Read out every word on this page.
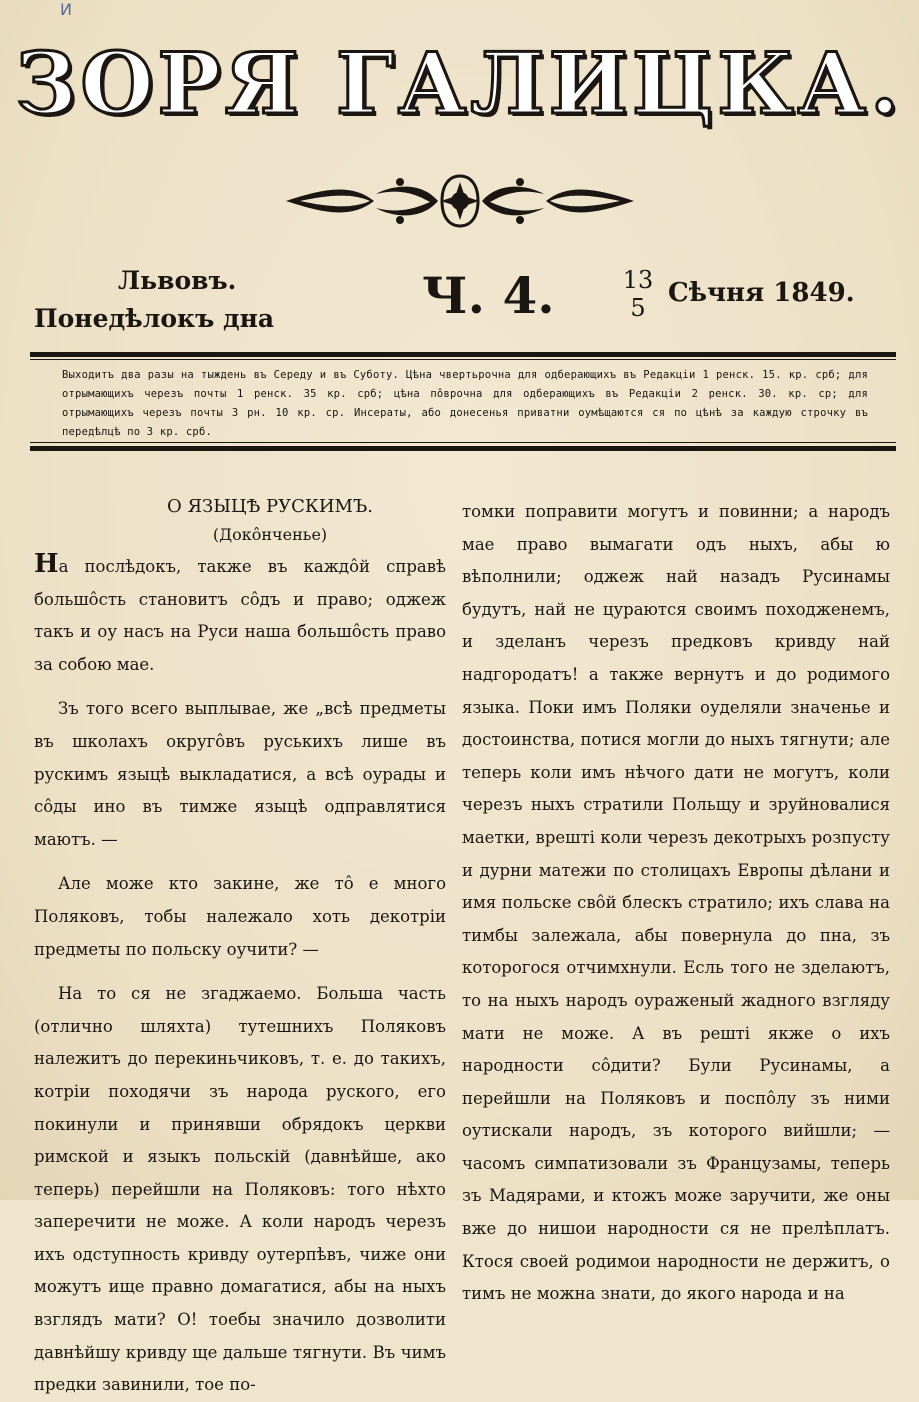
И
ЗОРЯ ГАЛИЦКА.
Львовъ.
Понедѣлокъ дна	Ч. 4.	13
5 Сѣчня 1849.
Выходитъ два разы на тыждень въ Середу и въ Суботу. Цѣна чвертьрочна для одберающихъ въ Редакціи 1 ренск. 15. кр. срб; для отрымающихъ черезъ почты 1 ренск. 35 кр. срб; цѣна пôврочна для одберающихъ въ Редакціи 2 ренск. 30. кр. ср; для отрымающихъ черезъ почты 3 рн. 10 кр. ср. Инсераты, або донесенья приватни оумѣщаются ся по цѣнѣ за каждую строчку въ передѣлцѣ по 3 кр. срб.

О ЯЗЫЦѢ РУСКИМЪ.

(Докôнченье)

На послѣдокъ, также въ каждôй справѣ большôсть становитъ сôдъ и право; оджеж такъ и оу насъ на Руси наша большôсть право за собою мае.

Зъ того всего выплывае, же „всѣ предметы въ школахъ округôвъ руськихъ лише въ рускимъ языцѣ выкладатися, а всѣ оурады и сôды ино въ тимже языцѣ одправлятися маютъ. —

Але може кто закине, же тô е много Поляковъ, тобы належало хоть декотріи предметы по польску оучити? —

На то ся не згаджаемо. Больша часть (отлично шляхта) тутешнихъ Поляковъ належитъ до перекиньчиковъ, т. е. до такихъ, котріи походячи зъ народа руского, его покинули и принявши обрядокъ церкви римской и языкъ польскій (давнѣйше, ако теперь) перейшли на Поляковъ: того нѣхто заперечити не може. А коли народъ черезъ ихъ одступность кривду оутерпѣвъ, чиже они можутъ ище правно домагатися, абы на ныхъ взглядъ мати? О! тоебы значило дозволити давнѣйшу кривду ще дальше тягнути. Въ чимъ предки завинили, тое по-

томки поправити могутъ и повинни; а народъ мае право вымагати одъ ныхъ, абы ю вѣполнили; оджеж най назадъ Русинамы будутъ, най не цураются своимъ походженемъ, и зделанъ черезъ предковъ кривду най надгородатъ! а также вернутъ и до родимого языка. Поки имъ Поляки оуделяли значенье и достоинства, потися могли до ныхъ тягнути; але теперь коли имъ нѣчого дати не могутъ, коли черезъ ныхъ стратили Польщу и зруйновалися маетки, врешті коли черезъ декотрыхъ розпусту и дурни матежи по столицахъ Европы дѣлани и имя польске свôй блескъ стратило; ихъ слава на тимбы залежала, абы повернула до пна, зъ которогося отчимхнули. Есль того не зделаютъ, то на ныхъ народъ оураженый жадного взгляду мати не може. А въ решті якже о ихъ народности сôдити? Були Русинамы, а перейшли на Поляковъ и поспôлу зъ ними оутискали народъ, зъ которого вийшли; — часомъ симпатизовали зъ Французамы, теперь зъ Мадярами, и ктожъ може заручити, же оны вже до нишои народности ся не прелѣплатъ. Ктося своей родимои народности не держитъ, о тимъ не можна знати, до якого народа и на
